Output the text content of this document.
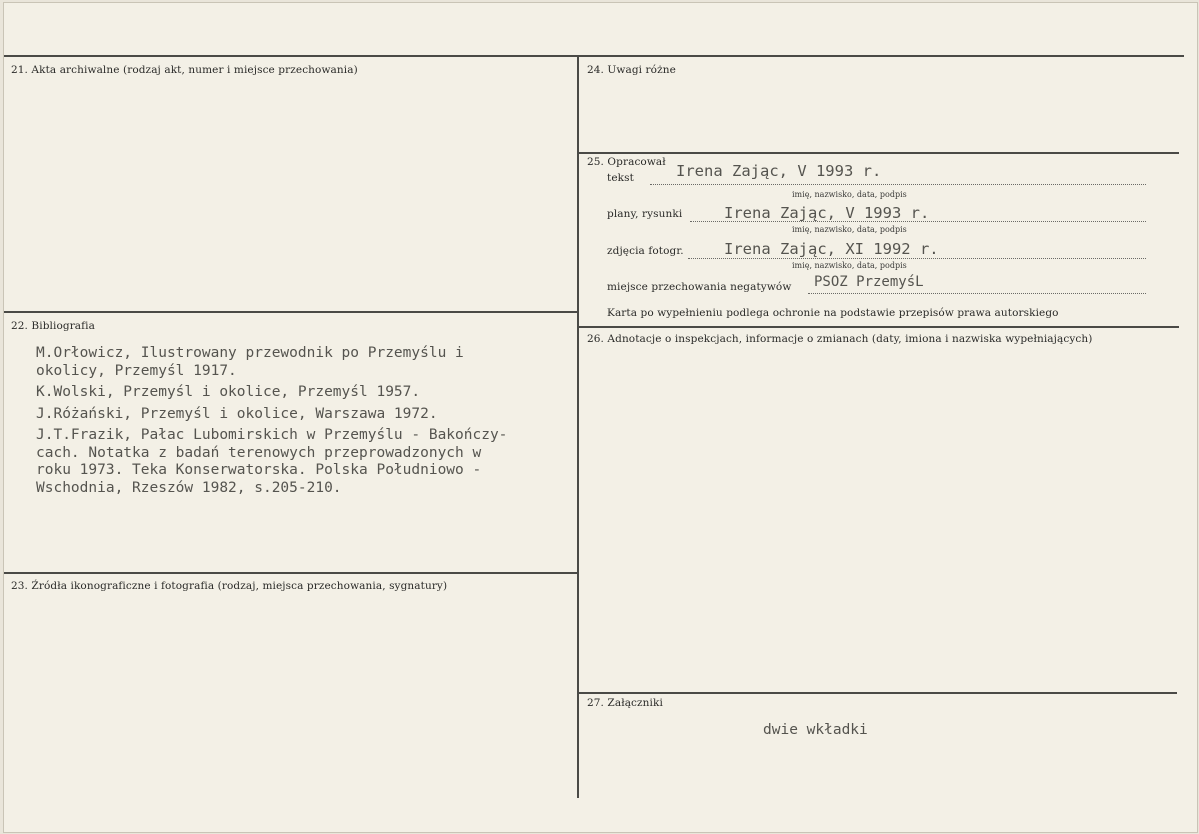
21. Akta archiwalne (rodzaj akt, numer i miejsce przechowania)
22. Bibliografia
M.Orłowicz, Ilustrowany przewodnik po Przemyślu i
okolicy, Przemyśl 1917.
K.Wolski, Przemyśl i okolice, Przemyśl 1957.
J.Różański, Przemyśl i okolice, Warszawa 1972.
J.T.Frazik, Pałac Lubomirskich w Przemyślu - Bakończy-
cach. Notatka z badań terenowych przeprowadzonych w
roku 1973. Teka Konserwatorska. Polska Południowo -
Wschodnia, Rzeszów 1982, s.205-210.
23. Źródła ikonograficzne i fotografia (rodzaj, miejsca przechowania, sygnatury)
24. Uwagi różne
25. Opracował
tekst	Irena Zając, V 1993 r.
imię, nazwisko, data, podpis
plany, rysunki	Irena Zając, V 1993 r.
imię, nazwisko, data, podpis
zdjęcia fotogr.	Irena Zając, XI 1992 r.
imię, nazwisko, data, podpis
miejsce przechowania negatywów PSOZ PrzemyśL
Karta po wypełnieniu podlega ochronie na podstawie przepisów prawa autorskiego
26. Adnotacje o inspekcjach, informacje o zmianach (daty, imiona i nazwiska wypełniających)
27. Załączniki
dwie wkładki
